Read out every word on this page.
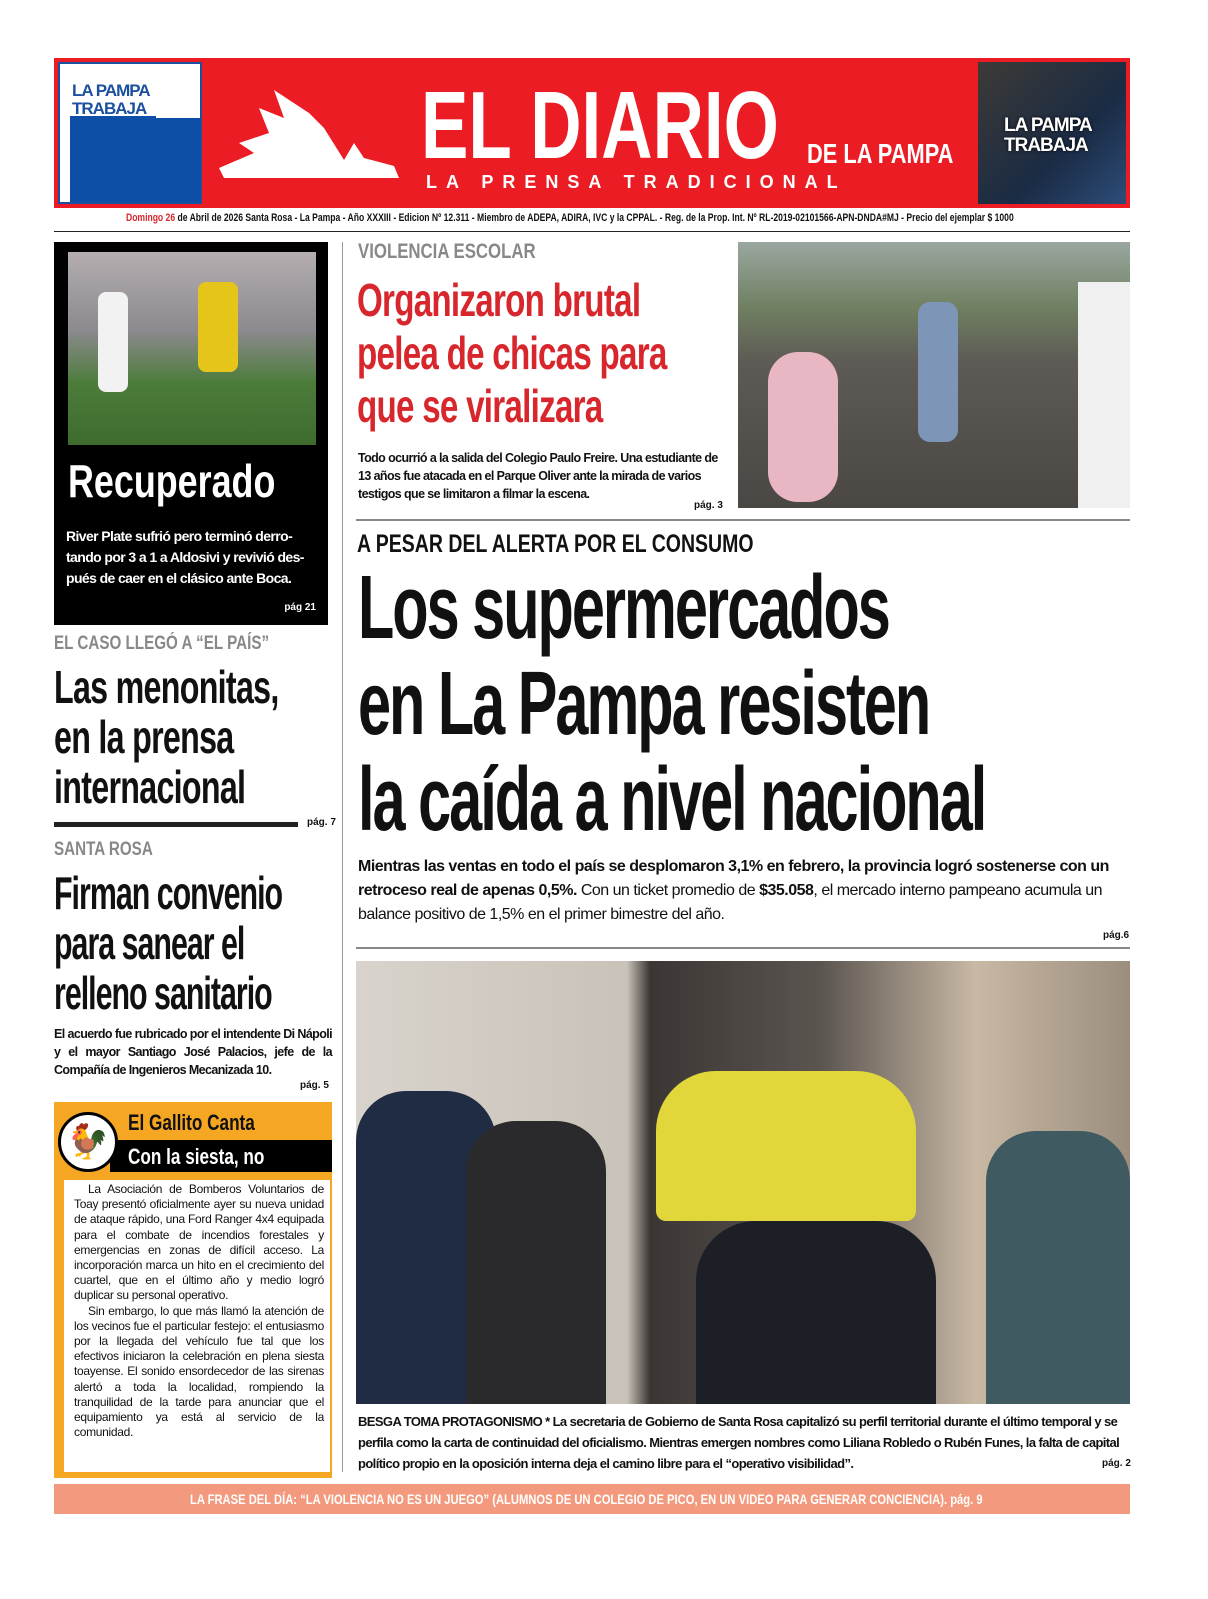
LA PAMPA TRABAJA	EL DIARIO DE LA PAMPA
LA PRENSA TRADICIONAL
LA PAMPA TRABAJA
Domingo 26 de Abril de 2026 Santa Rosa - La Pampa - Año XXXIII - Edicion Nº 12.311 - Miembro de ADEPA, ADIRA, IVC y la CPPAL. - Reg. de la Prop. Int. Nº RL-2019-02101566-APN-DNDA#MJ - Precio del ejemplar $ 1000
Recuperado
River Plate sufrió pero terminó derro-tando por 3 a 1 a Aldosivi y revivió des-pués de caer en el clásico ante Boca.
pág 21
EL CASO LLEGÓ A “EL PAÍS”
Las menonitas,
en la prensa
internacional
pág. 7
SANTA ROSA
Firman convenio
para sanear el
relleno sanitario
El acuerdo fue rubricado por el intendente Di Nápoli y el mayor Santiago José Palacios, jefe de la Compañía de Ingenieros Mecanizada 10.
pág. 5
🐓
El Gallito Canta
Con la siesta, no

La Asociación de Bomberos Voluntarios de Toay presentó oficialmente ayer su nueva unidad de ataque rápido, una Ford Ranger 4x4 equipada para el combate de incendios forestales y emergencias en zonas de difícil acceso. La incorporación marca un hito en el crecimiento del cuartel, que en el último año y medio logró duplicar su personal operativo.

Sin embargo, lo que más llamó la atención de los vecinos fue el particular festejo: el entusiasmo por la llegada del vehículo fue tal que los efectivos iniciaron la celebración en plena siesta toayense. El sonido ensordecedor de las sirenas alertó a toda la localidad, rompiendo la tranquilidad de la tarde para anunciar que el equipamiento ya está al servicio de la comunidad.

VIOLENCIA ESCOLAR
Organizaron brutal
pelea de chicas para
que se viralizara
Todo ocurrió a la salida del Colegio Paulo Freire. Una estudiante de 13 años fue atacada en el Parque Oliver ante la mirada de varios testigos que se limitaron a filmar la escena.
pág. 3
A PESAR DEL ALERTA POR EL CONSUMO
Los supermercados
en La Pampa resisten
la caída a nivel nacional
Mientras las ventas en todo el país se desplomaron 3,1% en febrero, la provincia logró sostenerse con un retroceso real de apenas 0,5%. Con un ticket promedio de $35.058, el mercado interno pampeano acumula un balance positivo de 1,5% en el primer bimestre del año.
pág.6
BESGA TOMA PROTAGONISMO * La secretaria de Gobierno de Santa Rosa capitalizó su perfil territorial durante el último temporal y se perfila como la carta de continuidad del oficialismo. Mientras emergen nombres como Liliana Robledo o Rubén Funes, la falta de capital político propio en la oposición interna deja el camino libre para el “operativo visibilidad”.	pág. 2
LA FRASE DEL DÍA: “LA VIOLENCIA NO ES UN JUEGO” (ALUMNOS DE UN COLEGIO DE PICO, EN UN VIDEO PARA GENERAR CONCIENCIA). pág. 9
